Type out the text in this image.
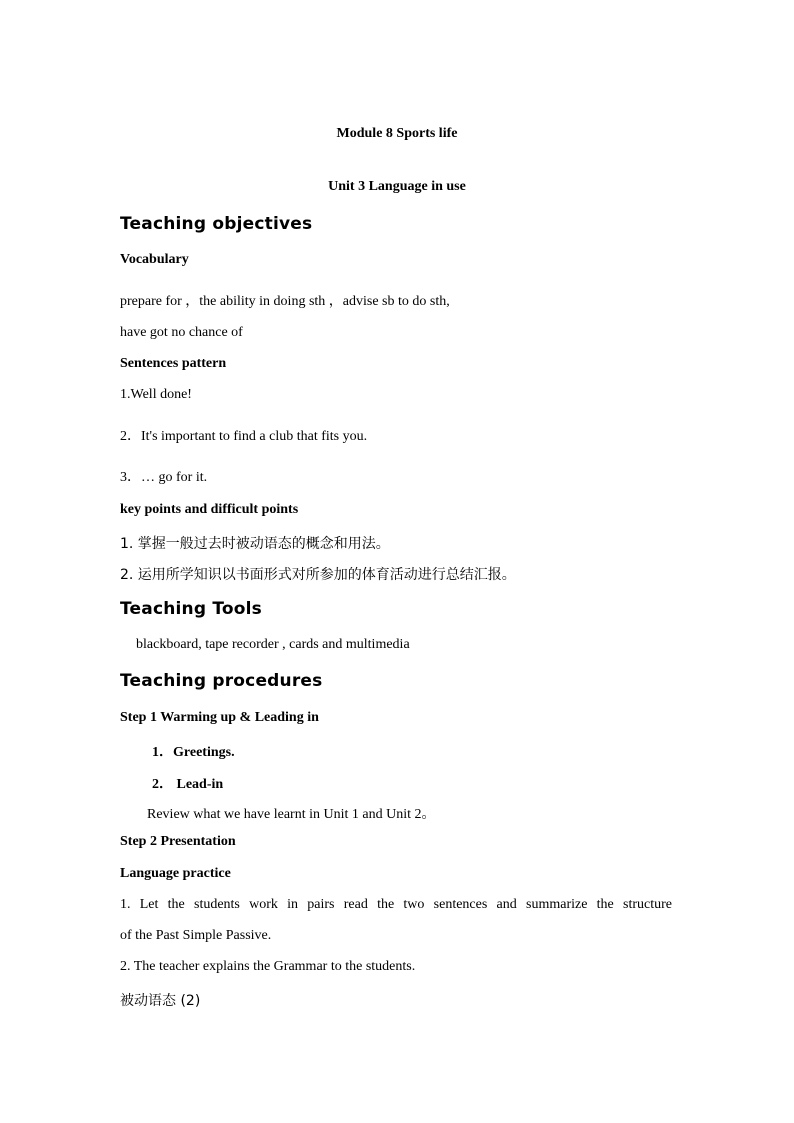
Module 8 Sports life
Unit 3 Language in use
Teaching objectives
Vocabulary
prepare for ，the ability in doing sth ，advise sb to do sth,
have got no chance of
Sentences pattern
1.Well done!
2．It's important to find a club that fits you.
3．… go for it.
key points and difficult points
1. 掌握一般过去时被动语态的概念和用法。
2. 运用所学知识以书面形式对所参加的体育活动进行总结汇报。
Teaching Tools
blackboard, tape recorder , cards and multimedia
Teaching procedures
Step 1 Warming up & Leading in
1．Greetings.
2． Lead-in
Review what we have learnt in Unit 1 and Unit 2。
Step 2 Presentation
Language practice
1. Let the students work in pairs read the two sentences and summarize the structure
of the Past Simple Passive.
2. The teacher explains the Grammar to the students.
被动语态 (2)
